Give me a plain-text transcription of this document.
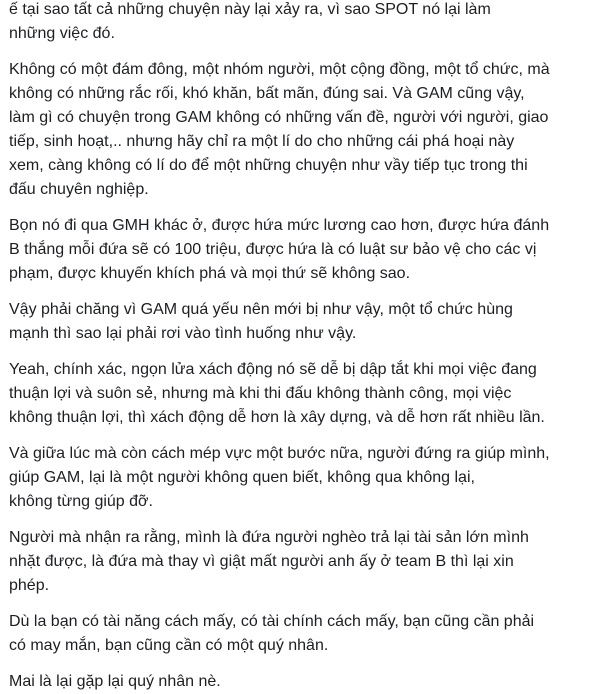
ế tại sao tất cả những chuyện này lại xảy ra, vì sao SPOT nó lại làm
những việc đó.

Không có một đám đông, một nhóm người, một cộng đồng, một tổ chức, mà
không có những rắc rối, khó khăn, bất mãn, đúng sai. Và GAM cũng vậy,
làm gì có chuyện trong GAM không có những vấn đề, người với người, giao
tiếp, sinh hoạt,.. nhưng hãy chỉ ra một lí do cho những cái phá hoại này
xem, càng không có lí do để một những chuyện như vầy tiếp tục trong thi
đấu chuyên nghiệp.

Bọn nó đi qua GMH khác ở, được hứa mức lương cao hơn, được hứa đánh
B thắng mỗi đứa sẽ có 100 triệu, được hứa là có luật sư bảo vệ cho các vị
phạm, được khuyến khích phá và mọi thứ sẽ không sao.

Vậy phải chăng vì GAM quá yếu nên mới bị như vậy, một tổ chức hùng
mạnh thì sao lại phải rơi vào tình huống như vậy.

Yeah, chính xác, ngọn lửa xách động nó sẽ dễ bị dập tắt khi mọi việc đang
thuận lợi và suôn sẻ, nhưng mà khi thi đấu không thành công, mọi việc
không thuận lợi, thì xách động dễ hơn là xây dựng, và dễ hơn rất nhiều lần.

Và giữa lúc mà còn cách mép vực một bước nữa, người đứng ra giúp mình,
giúp GAM, lại là một người không quen biết, không qua không lại,
không từng giúp đỡ.

Người mà nhận ra rằng, mình là đứa người nghèo trả lại tài sản lớn mình
nhặt được, là đứa mà thay vì giật mất người anh ấy ở team B thì lại xin
phép.

Dù la bạn có tài năng cách mấy, có tài chính cách mấy, bạn cũng cần phải
có may mắn, bạn cũng cần có một quý nhân.

Mai là lại gặp lại quý nhân nè.
